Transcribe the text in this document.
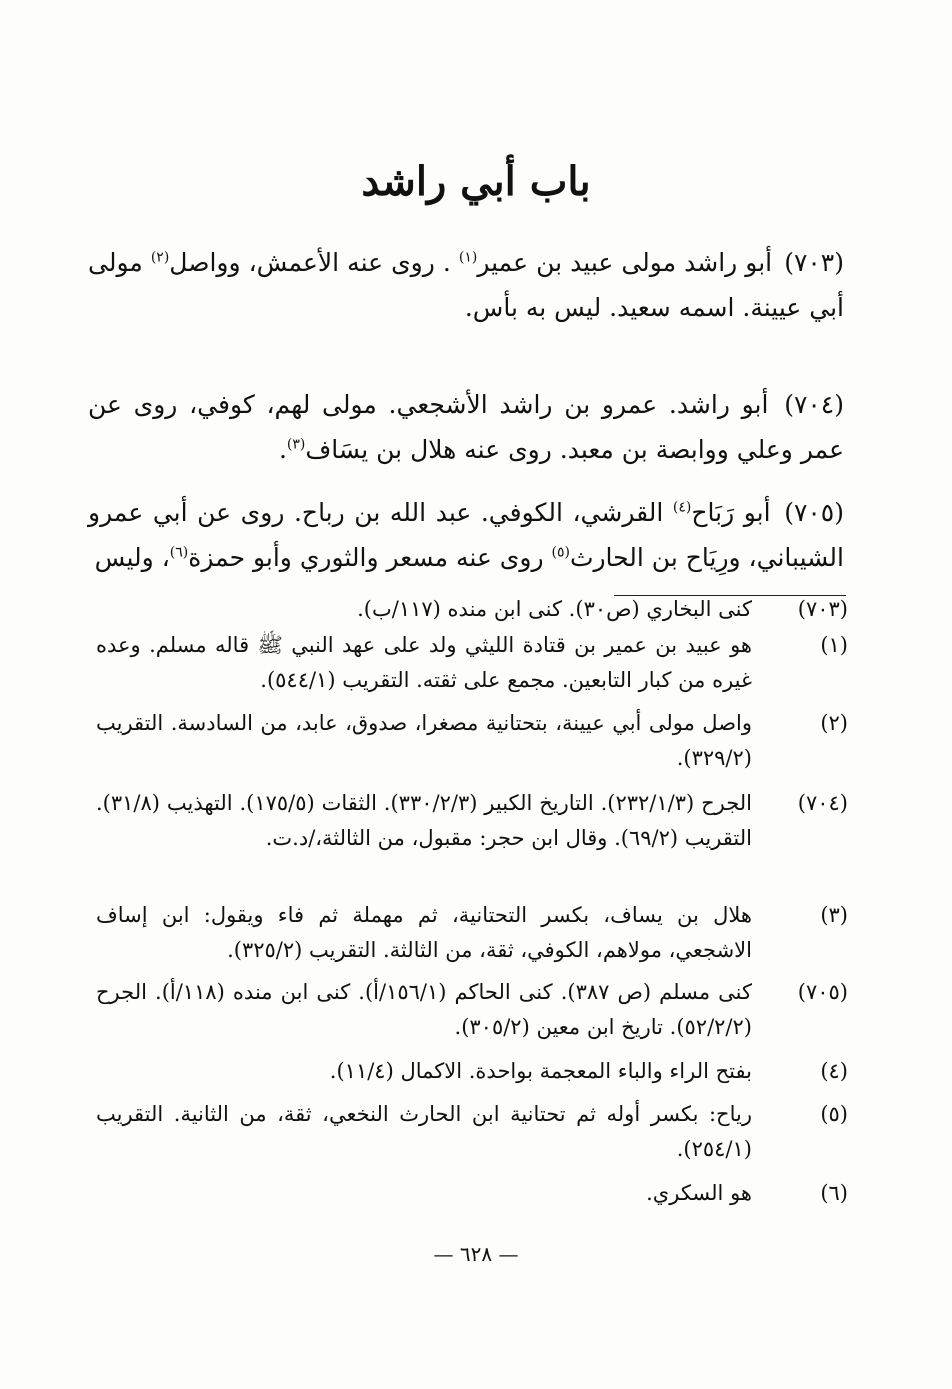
باب أبي راشد

(٧٠٣) أبو راشد مولى عبيد بن عمير$^{(١)}$ . روى عنه الأعمش، وواصل$^{(٢)}$ مولى أبي عيينة. اسمه سعيد. ليس به بأس.

(٧٠٤) أبو راشد. عمرو بن راشد الأشجعي. مولى لهم، كوفي، روى عن عمر وعلي ووابصة بن معبد. روى عنه هلال بن يسَاف$^{(٣)}$.

(٧٠٥) أبو رَبَاح$^{(٤)}$ القرشي، الكوفي. عبد الله بن رباح. روى عن أبي عمرو الشيباني، ورِيَاح بن الحارث$^{(٥)}$ روى عنه مسعر والثوري وأبو حمزة$^{(٦)}$، وليس

(٧٠٣)
كنى البخاري (ص٣٠). كنى ابن منده (١١٧/ب).
(١)
هو عبيد بن عمير بن قتادة الليثي ولد على عهد النبي ﷺ قاله مسلم. وعده غيره من كبار التابعين. مجمع على ثقته. التقريب (٥٤٤/١).
(٢)
واصل مولى أبي عيينة، بتحتانية مصغرا، صدوق، عابد، من السادسة. التقريب (٣٢٩/٢).
(٧٠٤)
الجرح (٢٣٢/١/٣). التاريخ الكبير (٣٣٠/٢/٣). الثقات (١٧٥/٥). التهذيب (٣١/٨). التقريب (٦٩/٢). وقال ابن حجر: مقبول، من الثالثة،/د.ت.
(٣)
هلال بن يساف، بكسر التحتانية، ثم مهملة ثم فاء ويقول: ابن إساف الاشجعي، مولاهم، الكوفي، ثقة، من الثالثة. التقريب (٣٢٥/٢).
(٧٠٥)
كنى مسلم (ص ٣٨٧). كنى الحاكم (١٥٦/١/أ). كنى ابن منده (١١٨/أ). الجرح (٥٢/٢/٢). تاريخ ابن معين (٣٠٥/٢).
(٤)
بفتح الراء والباء المعجمة بواحدة. الاكمال (١١/٤).
(٥)
رياح: بكسر أوله ثم تحتانية ابن الحارث النخعي، ثقة، من الثانية. التقريب (٢٥٤/١).
(٦)
هو السكري.
— ٦٢٨ —
